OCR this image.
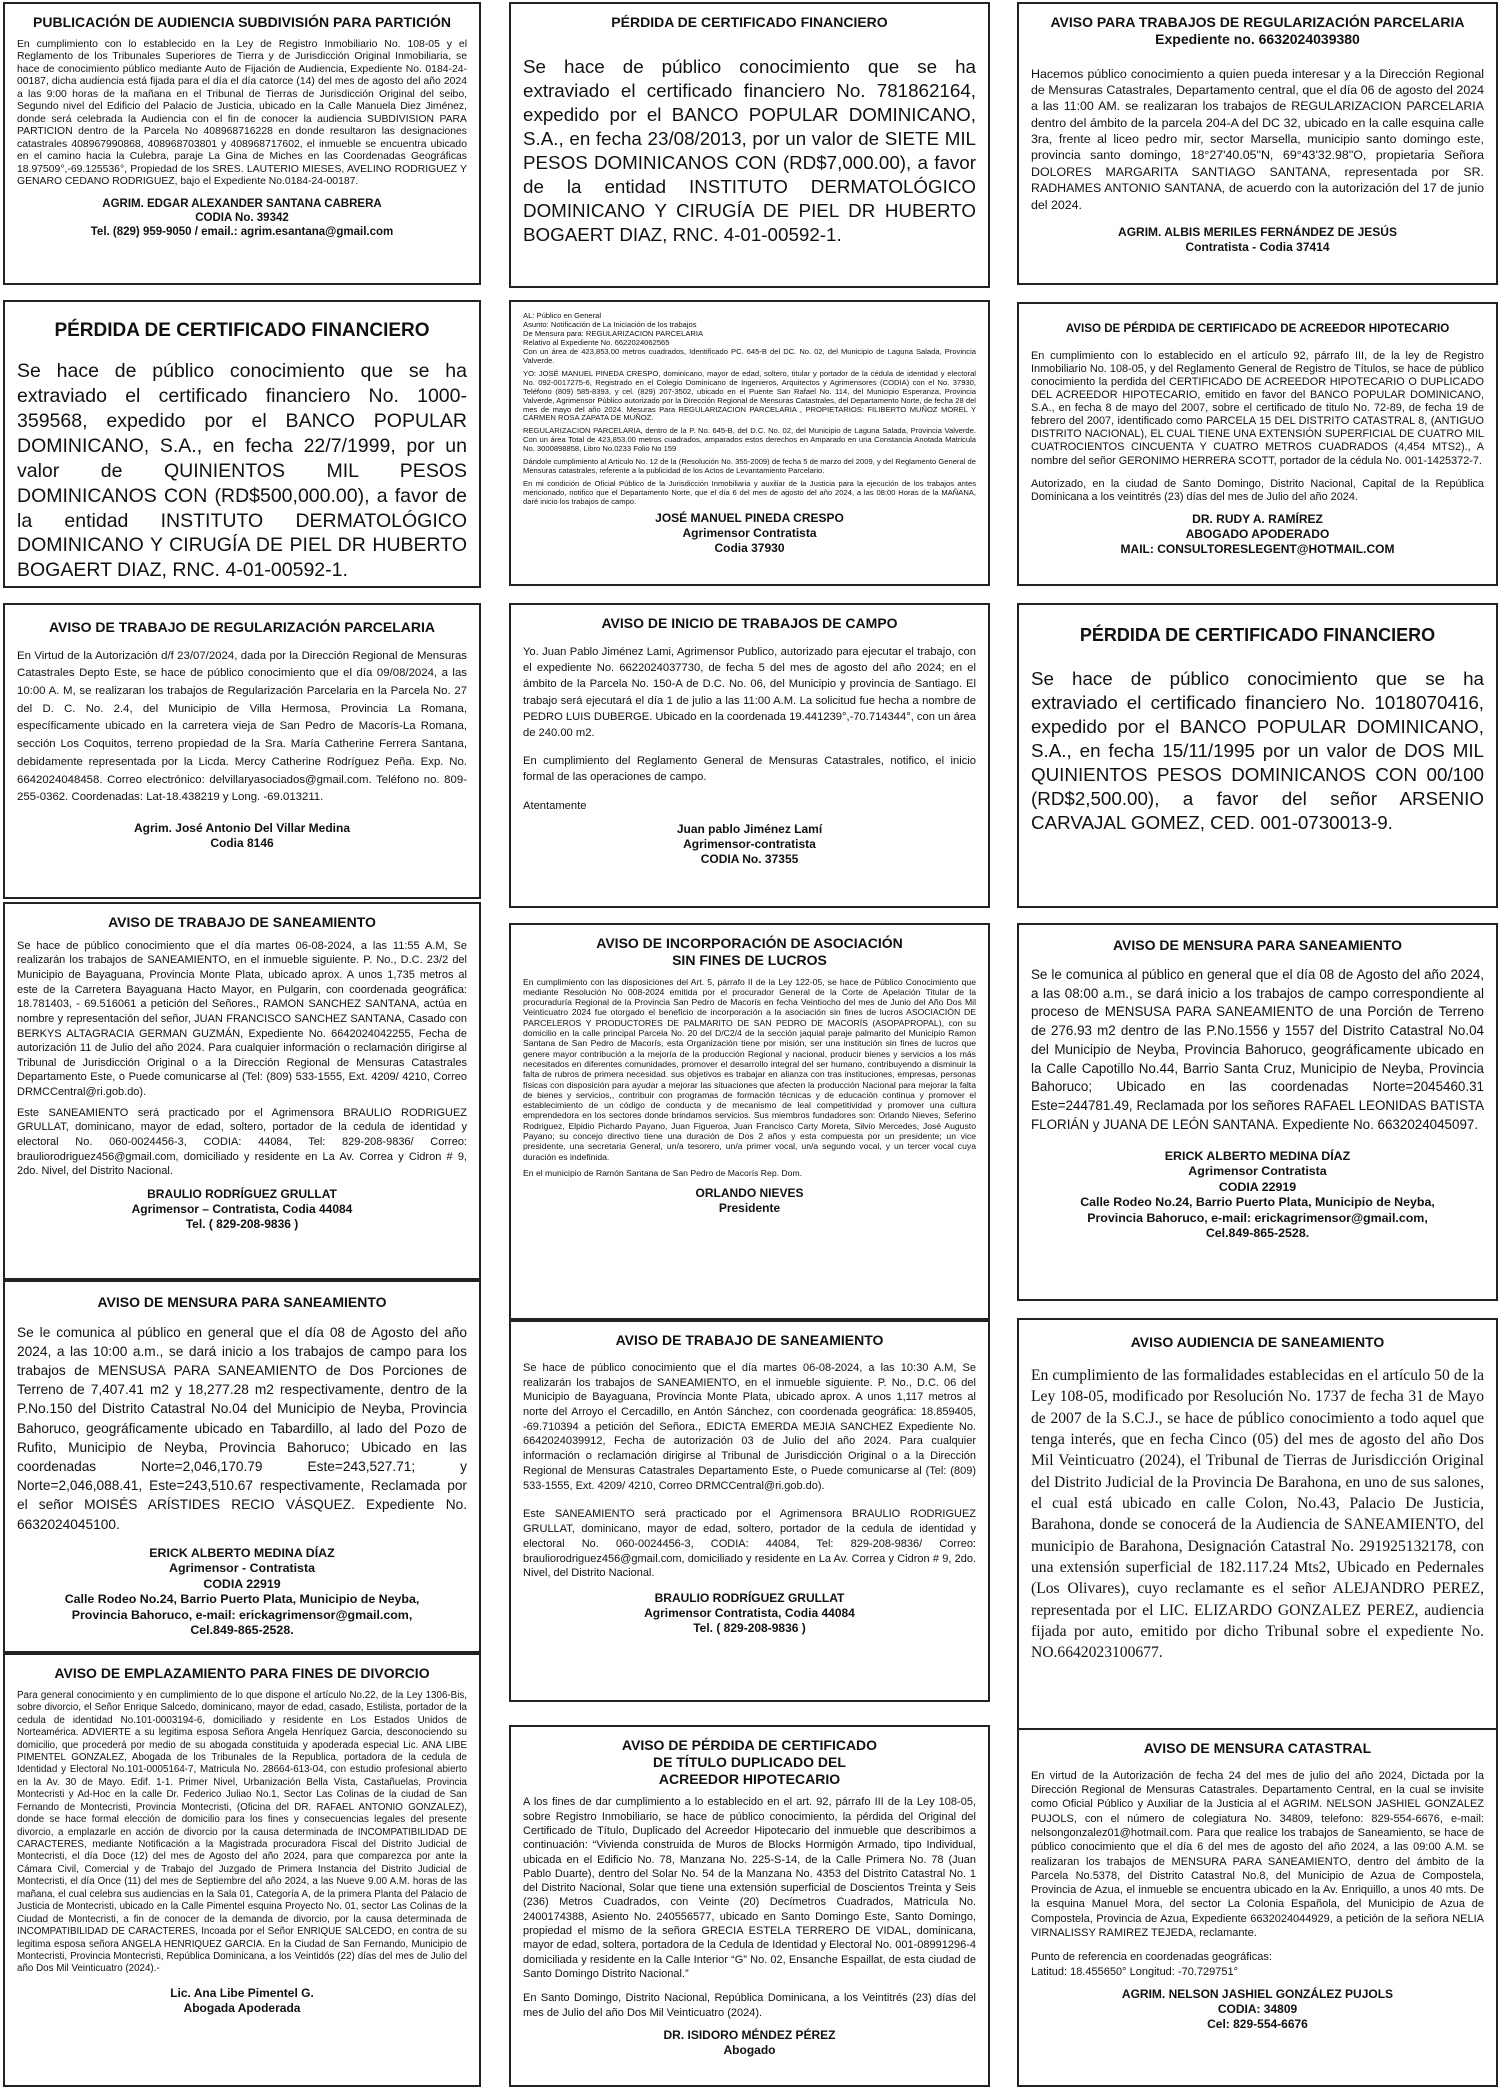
PUBLICACIÓN DE AUDIENCIA SUBDIVISIÓN PARA PARTICIÓN
En cumplimiento con lo establecido en la Ley de Registro Inmobiliario No. 108-05 y el Reglamento de los Tribunales Superiores de Tierra y de Jurisdicción Original Inmobiliaria, se hace de conocimiento público mediante Auto de Fijación de Audiencia, Expediente No. 0184-24-00187, dicha audiencia está fijada para el día el día catorce (14) del mes de agosto del año 2024 a las 9:00 horas de la mañana en el Tribunal de Tierras de Jurisdicción Original del seibo, Segundo nivel del Edificio del Palacio de Justicia, ubicado en la Calle Manuela Diez Jiménez, donde será celebrada la Audiencia con el fin de conocer la audiencia SUBDIVISION PARA PARTICION dentro de la Parcela No 408968716228 en donde resultaron las designaciones catastrales 408967990868, 408968703801 y 408968717602, el inmueble se encuentra ubicado en el camino hacia la Culebra, paraje La Gina de Miches en las Coordenadas Geográficas 18.97509°,-69.125536°, Propiedad de los SRES. LAUTERIO MIESES, AVELINO RODRIGUEZ Y GENARO CEDANO RODRIGUEZ, bajo el Expediente No.0184-24-00187.
AGRIM. EDGAR ALEXANDER SANTANA CABRERA
CODIA No. 39342
Tel. (829) 959-9050 / email.: agrim.esantana@gmail.com
PÉRDIDA DE CERTIFICADO FINANCIERO
Se hace de público conocimiento que se ha extraviado el certificado financiero No. 1000-359568, expedido por el BANCO POPULAR DOMINICANO, S.A., en fecha 22/7/1999, por un valor de QUINIENTOS MIL PESOS DOMINICANOS CON (RD$500,000.00), a favor de la entidad INSTITUTO DERMATOLÓGICO DOMINICANO Y CIRUGÍA DE PIEL DR HUBERTO BOGAERT DIAZ, RNC. 4-01-00592-1.
AVISO DE TRABAJO DE REGULARIZACIÓN PARCELARIA
En Virtud de la Autorización d/f 23/07/2024, dada por la Dirección Regional de Mensuras Catastrales Depto Este, se hace de público conocimiento que el día 09/08/2024, a las 10:00 A. M, se realizaran los trabajos de Regularización Parcelaria en la Parcela No. 27 del D. C. No. 2.4, del Municipio de Villa Hermosa, Provincia La Romana, específicamente ubicado en la carretera vieja de San Pedro de Macorís-La Romana, sección Los Coquitos, terreno propiedad de la Sra. María Catherine Ferrera Santana, debidamente representada por la Licda. Mercy Catherine Rodríguez Peña. Exp. No. 6642024048458. Correo electrónico: delvillaryasociados@gmail.com. Teléfono no. 809-255-0362. Coordenadas: Lat-18.438219 y Long. -69.013211.
Agrim. José Antonio Del Villar Medina
Codia 8146
AVISO DE TRABAJO DE SANEAMIENTO

Se hace de público conocimiento que el día martes 06-08-2024, a las 11:55 A.M, Se realizarán los trabajos de SANEAMIENTO, en el inmueble siguiente. P. No., D.C. 23/2 del Municipio de Bayaguana, Provincia Monte Plata, ubicado aprox. A unos 1,735 metros al este de la Carretera Bayaguana Hacto Mayor, en Pulgarin, con coordenada geográfica: 18.781403, - 69.516061 a petición del Señores., RAMON SANCHEZ SANTANA, actúa en nombre y representación del señor, JUAN FRANCISCO SANCHEZ SANTANA, Casado con BERKYS ALTAGRACIA GERMAN GUZMÁN, Expediente No. 6642024042255, Fecha de autorización 11 de Julio del año 2024. Para cualquier información o reclamación dirigirse al Tribunal de Jurisdicción Original o a la Dirección Regional de Mensuras Catastrales Departamento Este, o Puede comunicarse al (Tel: (809) 533-1555, Ext. 4209/ 4210, Correo DRMCCentral@ri.gob.do).

Este SANEAMIENTO será practicado por el Agrimensora BRAULIO RODRIGUEZ GRULLAT, dominicano, mayor de edad, soltero, portador de la cedula de identidad y electoral No. 060-0024456-3, CODIA: 44084, Tel: 829-208-9836/ Correo: brauliorodriguez456@gmail.com, domiciliado y residente en La Av. Correa y Cidron # 9, 2do. Nivel, del Distrito Nacional.

BRAULIO RODRÍGUEZ GRULLAT
Agrimensor – Contratista, Codia 44084
Tel. ( 829-208-9836 )
AVISO DE MENSURA PARA SANEAMIENTO
Se le comunica al público en general que el día 08 de Agosto del año 2024, a las 10:00 a.m., se dará inicio a los trabajos de campo para los trabajos de MENSUSA PARA SANEAMIENTO de Dos Porciones de Terreno de 7,407.41 m2 y 18,277.28 m2 respectivamente, dentro de la P.No.150 del Distrito Catastral No.04 del Municipio de Neyba, Provincia Bahoruco, geográficamente ubicado en Tabardillo, al lado del Pozo de Rufito, Municipio de Neyba, Provincia Bahoruco; Ubicado en las coordenadas Norte=2,046,170.79 Este=243,527.71; y Norte=2,046,088.41, Este=243,510.67 respectivamente, Reclamada por el señor MOISÉS ARÍSTIDES RECIO VÁSQUEZ. Expediente No. 6632024045100.
ERICK ALBERTO MEDINA DÍAZ
Agrimensor - Contratista
CODIA 22919
Calle Rodeo No.24, Barrio Puerto Plata, Municipio de Neyba,
Provincia Bahoruco, e-mail: erickagrimensor@gmail.com,
Cel.849-865-2528.
AVISO DE EMPLAZAMIENTO PARA FINES DE DIVORCIO
Para general conocimiento y en cumplimiento de lo que dispone el artículo No.22, de la Ley 1306-Bis, sobre divorcio, el Señor Enrique Salcedo, dominicano, mayor de edad, casado, Estilista, portador de la cedula de identidad No.101-0003194-6, domiciliado y residente en Los Estados Unidos de Norteamérica. ADVIERTE a su legitima esposa Señora Angela Henríquez Garcia, desconociendo su domicilio, que procederá por medio de su abogada constituida y apoderada especial Lic. ANA LIBE PIMENTEL GONZALEZ, Abogada de los Tribunales de la Republica, portadora de la cedula de Identidad y Electoral No.101-0005164-7, Matricula No. 28664-613-04, con estudio profesional abierto en la Av. 30 de Mayo. Edif. 1-1. Primer Nivel, Urbanización Bella Vista, Castañuelas, Provincia Montecristi y Ad-Hoc en la calle Dr. Federico Juliao No.1, Sector Las Colinas de la ciudad de San Fernando de Montecristi, Provincia Montecristi, (Oficina del DR. RAFAEL ANTONIO GONZALEZ), donde se hace formal elección de domicilio para los fines y consecuencias legales del presente divorcio, a emplazarle en acción de divorcio por la causa determinada de INCOMPATIBILIDAD DE CARACTERES, mediante Notificación a la Magistrada procuradora Fiscal del Distrito Judicial de Montecristi, el día Doce (12) del mes de Agosto del año 2024, para que comparezca por ante la Cámara Civil, Comercial y de Trabajo del Juzgado de Primera Instancia del Distrito Judicial de Montecristi, el día Once (11) del mes de Septiembre del año 2024, a las Nueve 9.00 A.M. horas de las mañana, el cual celebra sus audiencias en la Sala 01, Categoría A, de la primera Planta del Palacio de Justicia de Montecristi, ubicado en la Calle Pimentel esquina Proyecto No. 01, sector Las Colinas de la Ciudad de Montecristi, a fin de conocer de la demanda de divorcio, por la causa determinada de INCOMPATIBILIDAD DE CARACTERES, Incoada por el Señor ENRIQUE SALCEDO, en contra de su legitima esposa señora ANGELA HENRIQUEZ GARCIA. En la Ciudad de San Fernando, Municipio de Montecristi, Provincia Montecristi, República Dominicana, a los Veintidós (22) días del mes de Julio del año Dos Mil Veinticuatro (2024).-
Lic. Ana Libe Pimentel G.
Abogada Apoderada
PÉRDIDA DE CERTIFICADO FINANCIERO
Se hace de público conocimiento que se ha extraviado el certificado financiero No. 781862164, expedido por el BANCO POPULAR DOMINICANO, S.A., en fecha 23/08/2013, por un valor de SIETE MIL PESOS DOMINICANOS CON (RD$7,000.00), a favor de la entidad INSTITUTO DERMATOLÓGICO DOMINICANO Y CIRUGÍA DE PIEL DR HUBERTO BOGAERT DIAZ, RNC. 4-01-00592-1.

AL: Público en General
Asunto: Notificación de La Iniciación de los trabajos
De Mensura para: REGULARIZACION PARCELARIA
Relativo al Expediente No. 6622024062565
Con un área de 423,853.00 metros cuadrados, Identificado PC. 645-B del DC. No. 02, del Municipio de Laguna Salada, Provincia Valverde.

YO: JOSÉ MANUEL PINEDA CRESPO, dominicano, mayor de edad, soltero, titular y portador de la cédula de identidad y electoral No. 092-0017275-6, Registrado en el Colegio Dominicano de Ingenieros, Arquitectos y Agrimensores (CODIA) con el No. 37930, Teléfono (809) 585-8393, y cel. (829) 207-3502, ubicado en el Puente San Rafael No. 114, del Municipio Esperanza, Provincia Valverde, Agrimensor Público autorizado por la Dirección Regional de Mensuras Catastrales, del Departamento Norte, de fecha 28 del mes de mayo del año 2024. Mesuras Para REGULARIZACION PARCELARIA , PROPIETARIOS: FILIBERTO MUÑOZ MOREL Y CARMEN ROSA ZAPATA DE MUÑOZ.

REGULARIZACION PARCELARIA, dentro de la P. No. 645-B, del D.C. No. 02, del Municipio de Laguna Salada, Provincia Valverde. Con un área Total de 423,853.00 metros cuadrados, amparados estos derechos en Amparado en una Constancia Anotada Matricula No. 3000898858, Libro No.0233 Folio No 159

Dándole cumplimiento al Articulo No. 12 de la (Resolución No. 355-2009) de fecha 5 de marzo del 2009, y del Reglamento General de Mensuras catastrales, referente a la publicidad de los Actos de Levantamiento Parcelario.

En mi condición de Oficial Público de la Jurisdicción Inmobiliaria y auxiliar de la Justicia para la ejecución de los trabajos antes mencionado, notifico que el Departamento Norte, que el día 6 del mes de agosto del año 2024, a las 08:00 Horas de la MAÑANA, daré inicio los trabajos de campo.

JOSÉ MANUEL PINEDA CRESPO
Agrimensor Contratista
Codia 37930
AVISO DE INICIO DE TRABAJOS DE CAMPO

Yo. Juan Pablo Jiménez Lami, Agrimensor Publico, autorizado para ejecutar el trabajo, con el expediente No. 6622024037730, de fecha 5 del mes de agosto del año 2024; en el ámbito de la Parcela No. 150-A de D.C. No. 06, del Municipio y provincia de Santiago. El trabajo será ejecutará el día 1 de julio a las 11:00 A.M. La solicitud fue hecha a nombre de PEDRO LUIS DUBERGE. Ubicado en la coordenada 19.441239°,-70.714344°, con un área de 240.00 m2.

En cumplimiento del Reglamento General de Mensuras Catastrales, notifico, el inicio formal de las operaciones de campo.

Atentamente

Juan pablo Jiménez Lamí
Agrimensor-contratista
CODIA No. 37355
AVISO DE INCORPORACIÓN DE ASOCIACIÓN
SIN FINES DE LUCROS

En cumplimiento con las disposiciones del Art. 5, párrafo II de la Ley 122-05, se hace de Público Conocimiento que mediante Resolución No 008-2024 emitida por el procurador General de la Corte de Apelación Titular de la procuraduría Regional de la Provincia San Pedro de Macorís en fecha Veintiocho del mes de Junio del Año Dos Mil Veinticuatro 2024 fue otorgado el beneficio de incorporación a la asociación sin fines de lucros ASOCIACIÓN DE PARCELEROS Y PRODUCTORES DE PALMARITO DE SAN PEDRO DE MACORÍS (ASOPAPROPAL), con su domicilio en la calle principal Parcela No. 20 del D/C2/4 de la sección jaquial paraje palmarito del Municipio Ramon Santana de San Pedro de Macorís, esta Organización tiene por misión, ser una institución sin fines de lucros que genere mayor contribución a la mejoría de la producción Regional y nacional, producir bienes y servicios a los más necesitados en diferentes comunidades, promover el desarrollo integral del ser humano, contribuyendo a disminuir la falta de rubros de primera necesidad. sus objetivos es trabajar en alianza con tras instituciones, empresas, personas físicas con disposición para ayudar a mejorar las situaciones que afecten la producción Nacional para mejorar la falta de bienes y servicios,, contribuir con programas de formación técnicas y de educación continua y promover el establecimiento de un código de conducta y de mecanismo de leal competitividad y promover una cultura emprendedora en los sectores donde brindamos servicios. Sus miembros fundadores son: Orlando Nieves, Seferino Rodriguez, Elpidio Pichardo Payano, Juan Figueroa, Juan Francisco Carty Moreta, Silvio Mercedes, José Augusto Payano; su concejo directivo tiene una duración de Dos 2 años y esta compuesta por un presidente; un vice presidente, una secretaria General, un/a tesorero, un/a primer vocal, un/a segundo vocal, y un tercer vocal cuya duración es indefinida.

En el municipio de Ramón Santana de San Pedro de Macorís Rep. Dom.

ORLANDO NIEVES
Presidente
AVISO DE TRABAJO DE SANEAMIENTO

Se hace de público conocimiento que el día martes 06-08-2024, a las 10:30 A.M, Se realizarán los trabajos de SANEAMIENTO, en el inmueble siguiente. P. No., D.C. 06 del Municipio de Bayaguana, Provincia Monte Plata, ubicado aprox. A unos 1,117 metros al norte del Arroyo el Cercadillo, en Antón Sánchez, con coordenada geográfica: 18.859405, -69.710394 a petición del Señora., EDICTA EMERDA MEJIA SANCHEZ Expediente No. 6642024039912, Fecha de autorización 03 de Julio del año 2024. Para cualquier información o reclamación dirigirse al Tribunal de Jurisdicción Original o a la Dirección Regional de Mensuras Catastrales Departamento Este, o Puede comunicarse al (Tel: (809) 533-1555, Ext. 4209/ 4210, Correo DRMCCentral@ri.gob.do).

Este SANEAMIENTO será practicado por el Agrimensora BRAULIO RODRIGUEZ GRULLAT, dominicano, mayor de edad, soltero, portador de la cedula de identidad y electoral No. 060-0024456-3, CODIA: 44084, Tel: 829-208-9836/ Correo: brauliorodriguez456@gmail.com, domiciliado y residente en La Av. Correa y Cidron # 9, 2do. Nivel, del Distrito Nacional.

BRAULIO RODRÍGUEZ GRULLAT
Agrimensor Contratista, Codia 44084
Tel. ( 829-208-9836 )
AVISO DE PÉRDIDA DE CERTIFICADO
DE TÍTULO DUPLICADO DEL
ACREEDOR HIPOTECARIO

A los fines de dar cumplimiento a lo establecido en el art. 92, párrafo III de la Ley 108-05, sobre Registro Inmobiliario, se hace de público conocimiento, la pérdida del Original del Certificado de Título, Duplicado del Acreedor Hipotecario del inmueble que describimos a continuación: “Vivienda construida de Muros de Blocks Hormigón Armado, tipo Individual, ubicada en el Edificio No. 78, Manzana No. 225-S-14, de la Calle Primera No. 78 (Juan Pablo Duarte), dentro del Solar No. 54 de la Manzana No. 4353 del Distrito Catastral No. 1 del Distrito Nacional, Solar que tiene una extensión superficial de Doscientos Treinta y Seis (236) Metros Cuadrados, con Veinte (20) Decímetros Cuadrados, Matricula No. 2400174388, Asiento No. 240556577, ubicado en Santo Domingo Este, Santo Domingo, propiedad el mismo de la señora GRECIA ESTELA TERRERO DE VIDAL, dominicana, mayor de edad, soltera, portadora de la Cedula de Identidad y Electoral No. 001-08991296-4 domiciliada y residente en la Calle Interior “G” No. 02, Ensanche Espaillat, de esta ciudad de Santo Domingo Distrito Nacional.”

En Santo Domingo, Distrito Nacional, República Dominicana, a los Veintitrés (23) días del mes de Julio del año Dos Mil Veinticuatro (2024).

DR. ISIDORO MÉNDEZ PÉREZ
Abogado
AVISO PARA TRABAJOS DE REGULARIZACIÓN PARCELARIA
Expediente no. 6632024039380
Hacemos público conocimiento a quien pueda interesar y a la Dirección Regional de Mensuras Catastrales, Departamento central, que el día 06 de agosto del 2024 a las 11:00 AM. se realizaran los trabajos de REGULARIZACION PARCELARIA dentro del ámbito de la parcela 204-A del DC 32, ubicado en la calle esquina calle 3ra, frente al liceo pedro mir, sector Marsella, municipio santo domingo este, provincia santo domingo, 18°27'40.05"N, 69°43'32.98"O, propietaria Señora DOLORES MARGARITA SANTIAGO SANTANA, representada por SR. RADHAMES ANTONIO SANTANA, de acuerdo con la autorización del 17 de junio del 2024.
AGRIM. ALBIS MERILES FERNÁNDEZ DE JESÚS
Contratista - Codia 37414
AVISO DE PÉRDIDA DE CERTIFICADO DE ACREEDOR HIPOTECARIO

En cumplimiento con lo establecido en el artículo 92, párrafo III, de la ley de Registro Inmobiliario No. 108-05, y del Reglamento General de Registro de Títulos, se hace de público conocimiento la perdida del CERTIFICADO DE ACREEDOR HIPOTECARIO O DUPLICADO DEL ACREEDOR HIPOTECARIO, emitido en favor del BANCO POPULAR DOMINICANO, S.A., en fecha 8 de mayo del 2007, sobre el certificado de titulo No. 72-89, de fecha 19 de febrero del 2007, identificado como PARCELA 15 DEL DISTRITO CATASTRAL 8, (ANTIGUO DISTRITO NACIONAL), EL CUAL TIENE UNA EXTENSIÓN SUPERFICIAL DE CUATRO MIL CUATROCIENTOS CINCUENTA Y CUATRO METROS CUADRADOS (4,454 MTS2)., A nombre del señor GERONIMO HERRERA SCOTT, portador de la cédula No. 001-1425372-7.

Autorizado, en la ciudad de Santo Domingo, Distrito Nacional, Capital de la República Dominicana a los veintitrés (23) días del mes de Julio del año 2024.

DR. RUDY A. RAMÍREZ
ABOGADO APODERADO
MAIL: CONSULTORESLEGENT@HOTMAIL.COM
PÉRDIDA DE CERTIFICADO FINANCIERO
Se hace de público conocimiento que se ha extraviado el certificado financiero No. 1018070416, expedido por el BANCO POPULAR DOMINICANO, S.A., en fecha 15/11/1995 por un valor de DOS MIL QUINIENTOS PESOS DOMINICANOS CON 00/100 (RD$2,500.00), a favor del señor ARSENIO CARVAJAL GOMEZ, CED. 001-0730013-9.
AVISO DE MENSURA PARA SANEAMIENTO
Se le comunica al público en general que el día 08 de Agosto del año 2024, a las 08:00 a.m., se dará inicio a los trabajos de campo correspondiente al proceso de MENSUSA PARA SANEAMIENTO de una Porción de Terreno de 276.93 m2 dentro de las P.No.1556 y 1557 del Distrito Catastral No.04 del Municipio de Neyba, Provincia Bahoruco, geográficamente ubicado en la Calle Capotillo No.44, Barrio Santa Cruz, Municipio de Neyba, Provincia Bahoruco; Ubicado en las coordenadas Norte=2045460.31 Este=244781.49, Reclamada por los señores RAFAEL LEONIDAS BATISTA FLORIÁN y JUANA DE LEÓN SANTANA. Expediente No. 6632024045097.
ERICK ALBERTO MEDINA DÍAZ
Agrimensor Contratista
CODIA 22919
Calle Rodeo No.24, Barrio Puerto Plata, Municipio de Neyba,
Provincia Bahoruco, e-mail: erickagrimensor@gmail.com,
Cel.849-865-2528.
AVISO AUDIENCIA DE SANEAMIENTO
En cumplimiento de las formalidades establecidas en el artículo 50 de la Ley 108-05, modificado por Resolución No. 1737 de fecha 31 de Mayo de 2007 de la S.C.J., se hace de público conocimiento a todo aquel que tenga interés, que en fecha Cinco (05) del mes de agosto del año Dos Mil Veinticuatro (2024), el Tribunal de Tierras de Jurisdicción Original del Distrito Judicial de la Provincia De Barahona, en uno de sus salones, el cual está ubicado en calle Colon, No.43, Palacio De Justicia, Barahona, donde se conocerá de la Audiencia de SANEAMIENTO, del municipio de Barahona, Designación Catastral No. 291925132178, con una extensión superficial de 182.117.24 Mts2, Ubicado en Pedernales (Los Olivares), cuyo reclamante es el señor ALEJANDRO PEREZ, representada por el LIC. ELIZARDO GONZALEZ PEREZ, audiencia fijada por auto, emitido por dicho Tribunal sobre el expediente No. NO.6642023100677.
AVISO DE MENSURA CATASTRAL

En virtud de la Autorización de fecha 24 del mes de julio del año 2024, Dictada por la Dirección Regional de Mensuras Catastrales. Departamento Central, en la cual se invisite como Oficial Público y Auxiliar de la Justicia al el AGRIM. NELSON JASHIEL GONZALEZ PUJOLS, con el número de colegiatura No. 34809, telefono: 829-554-6676, e-mail: nelsongonzalez01@hotmail.com. Para que realice los trabajos de Saneamiento, se hace de público conocimiento que el día 6 del mes de agosto del año 2024, a las 09:00 A.M. se realizaran los trabajos de MENSURA PARA SANEAMIENTO, dentro del ámbito de la Parcela No.5378, del Distrito Catastral No.8, del Municipio de Azua de Compostela, Provincia de Azua, el inmueble se encuentra ubicado en la Av. Enriquillo, a unos 40 mts. De la esquina Manuel Mora, del sector La Colonia Española, del Municipio de Azua de Compostela, Provincia de Azua, Expediente 6632024044929, a petición de la señora NELIA VIRNALISSY RAMIREZ TEJEDA, reclamante.

Punto de referencia en coordenadas geográficas:

Latitud: 18.455650° Longitud: -70.729751°

AGRIM. NELSON JASHIEL GONZÁLEZ PUJOLS
CODIA: 34809
Cel: 829-554-6676
